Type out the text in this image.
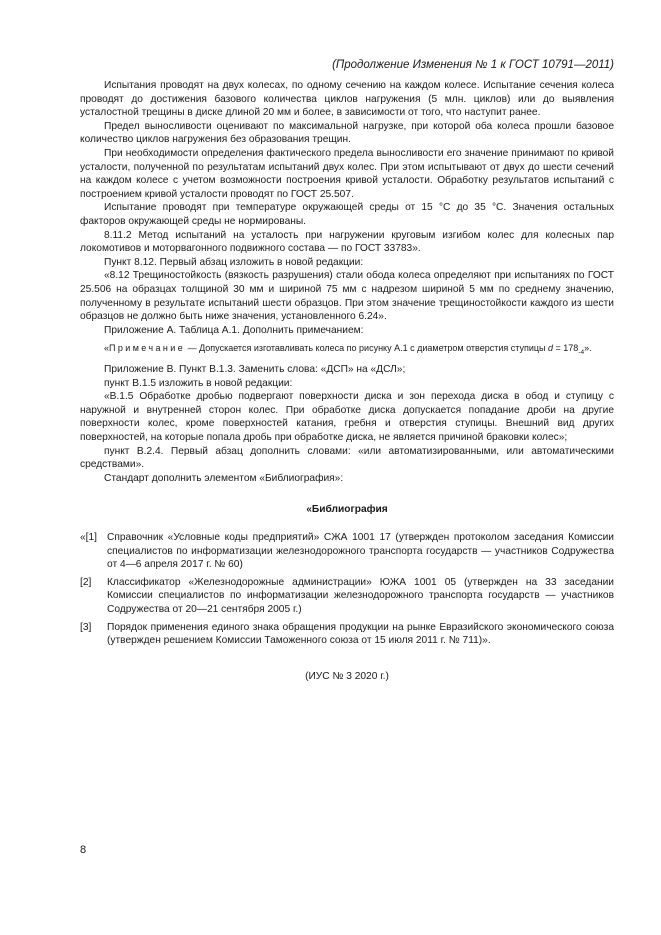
(Продолжение Изменения № 1 к ГОСТ 10791—2011)

Испытания проводят на двух колесах, по одному сечению на каждом колесе. Испытание сечения колеса проводят до достижения базового количества циклов нагружения (5 млн. циклов) или до выявления усталостной трещины в диске длиной 20 мм и более, в зависимости от того, что наступит ранее.

Предел выносливости оценивают по максимальной нагрузке, при которой оба колеса прошли базовое количество циклов нагружения без образования трещин.

При необходимости определения фактического предела выносливости его значение принимают по кривой усталости, полученной по результатам испытаний двух колес. При этом испытывают от двух до шести сечений на каждом колесе с учетом возможности построения кривой усталости. Обработку результатов испытаний с построением кривой усталости проводят по ГОСТ 25.507.

Испытание проводят при температуре окружающей среды от 15 °С до 35 °С. Значения остальных факторов окружающей среды не нормированы.

8.11.2 Метод испытаний на усталость при нагружении круговым изгибом колес для колесных пар локомотивов и моторвагонного подвижного состава — по ГОСТ 33783».

Пункт 8.12. Первый абзац изложить в новой редакции:

«8.12 Трещиностойкость (вязкость разрушения) стали обода колеса определяют при испытаниях по ГОСТ 25.506 на образцах толщиной 30 мм и шириной 75 мм с надрезом шириной 5 мм по среднему значению, полученному в результате испытаний шести образцов. При этом значение трещиностойкости каждого из шести образцов не должно быть ниже значения, установленного 6.24».

Приложение А. Таблица А.1. Дополнить примечанием:

«Примечание — Допускается изготавливать колеса по рисунку А.1 с диаметром отверстия ступицы $d = 178_{-4}$».

Приложение В. Пункт В.1.3. Заменить слова: «ДСП» на «ДСЛ»;

пункт В.1.5 изложить в новой редакции:

«В.1.5 Обработке дробью подвергают поверхности диска и зон перехода диска в обод и ступицу с наружной и внутренней сторон колес. При обработке диска допускается попадание дроби на другие поверхности колес, кроме поверхностей катания, гребня и отверстия ступицы. Внешний вид других поверхностей, на которые попала дробь при обработке диска, не является причиной браковки колес»;

пункт В.2.4. Первый абзац дополнить словами: «или автоматизированными, или автоматическими средствами».

Стандарт дополнить элементом «Библиография»:

«Библиография
«[1] Справочник «Условные коды предприятий» СЖА 1001 17 (утвержден протоколом заседания Комиссии специалистов по информатизации железнодорожного транспорта государств — участников Содружества от 4—6 апреля 2017 г. № 60)
[2]	Классификатор «Железнодорожные администрации» ЮЖА 1001 05 (утвержден на 33 заседании Комиссии специалистов по информатизации железнодорожного транспорта государств — участников Содружества от 20—21 сентября 2005 г.)
[3]	Порядок применения единого знака обращения продукции на рынке Евразийского экономического союза (утвержден решением Комиссии Таможенного союза от 15 июля 2011 г. № 711)».
(ИУС № 3 2020 г.)
8
